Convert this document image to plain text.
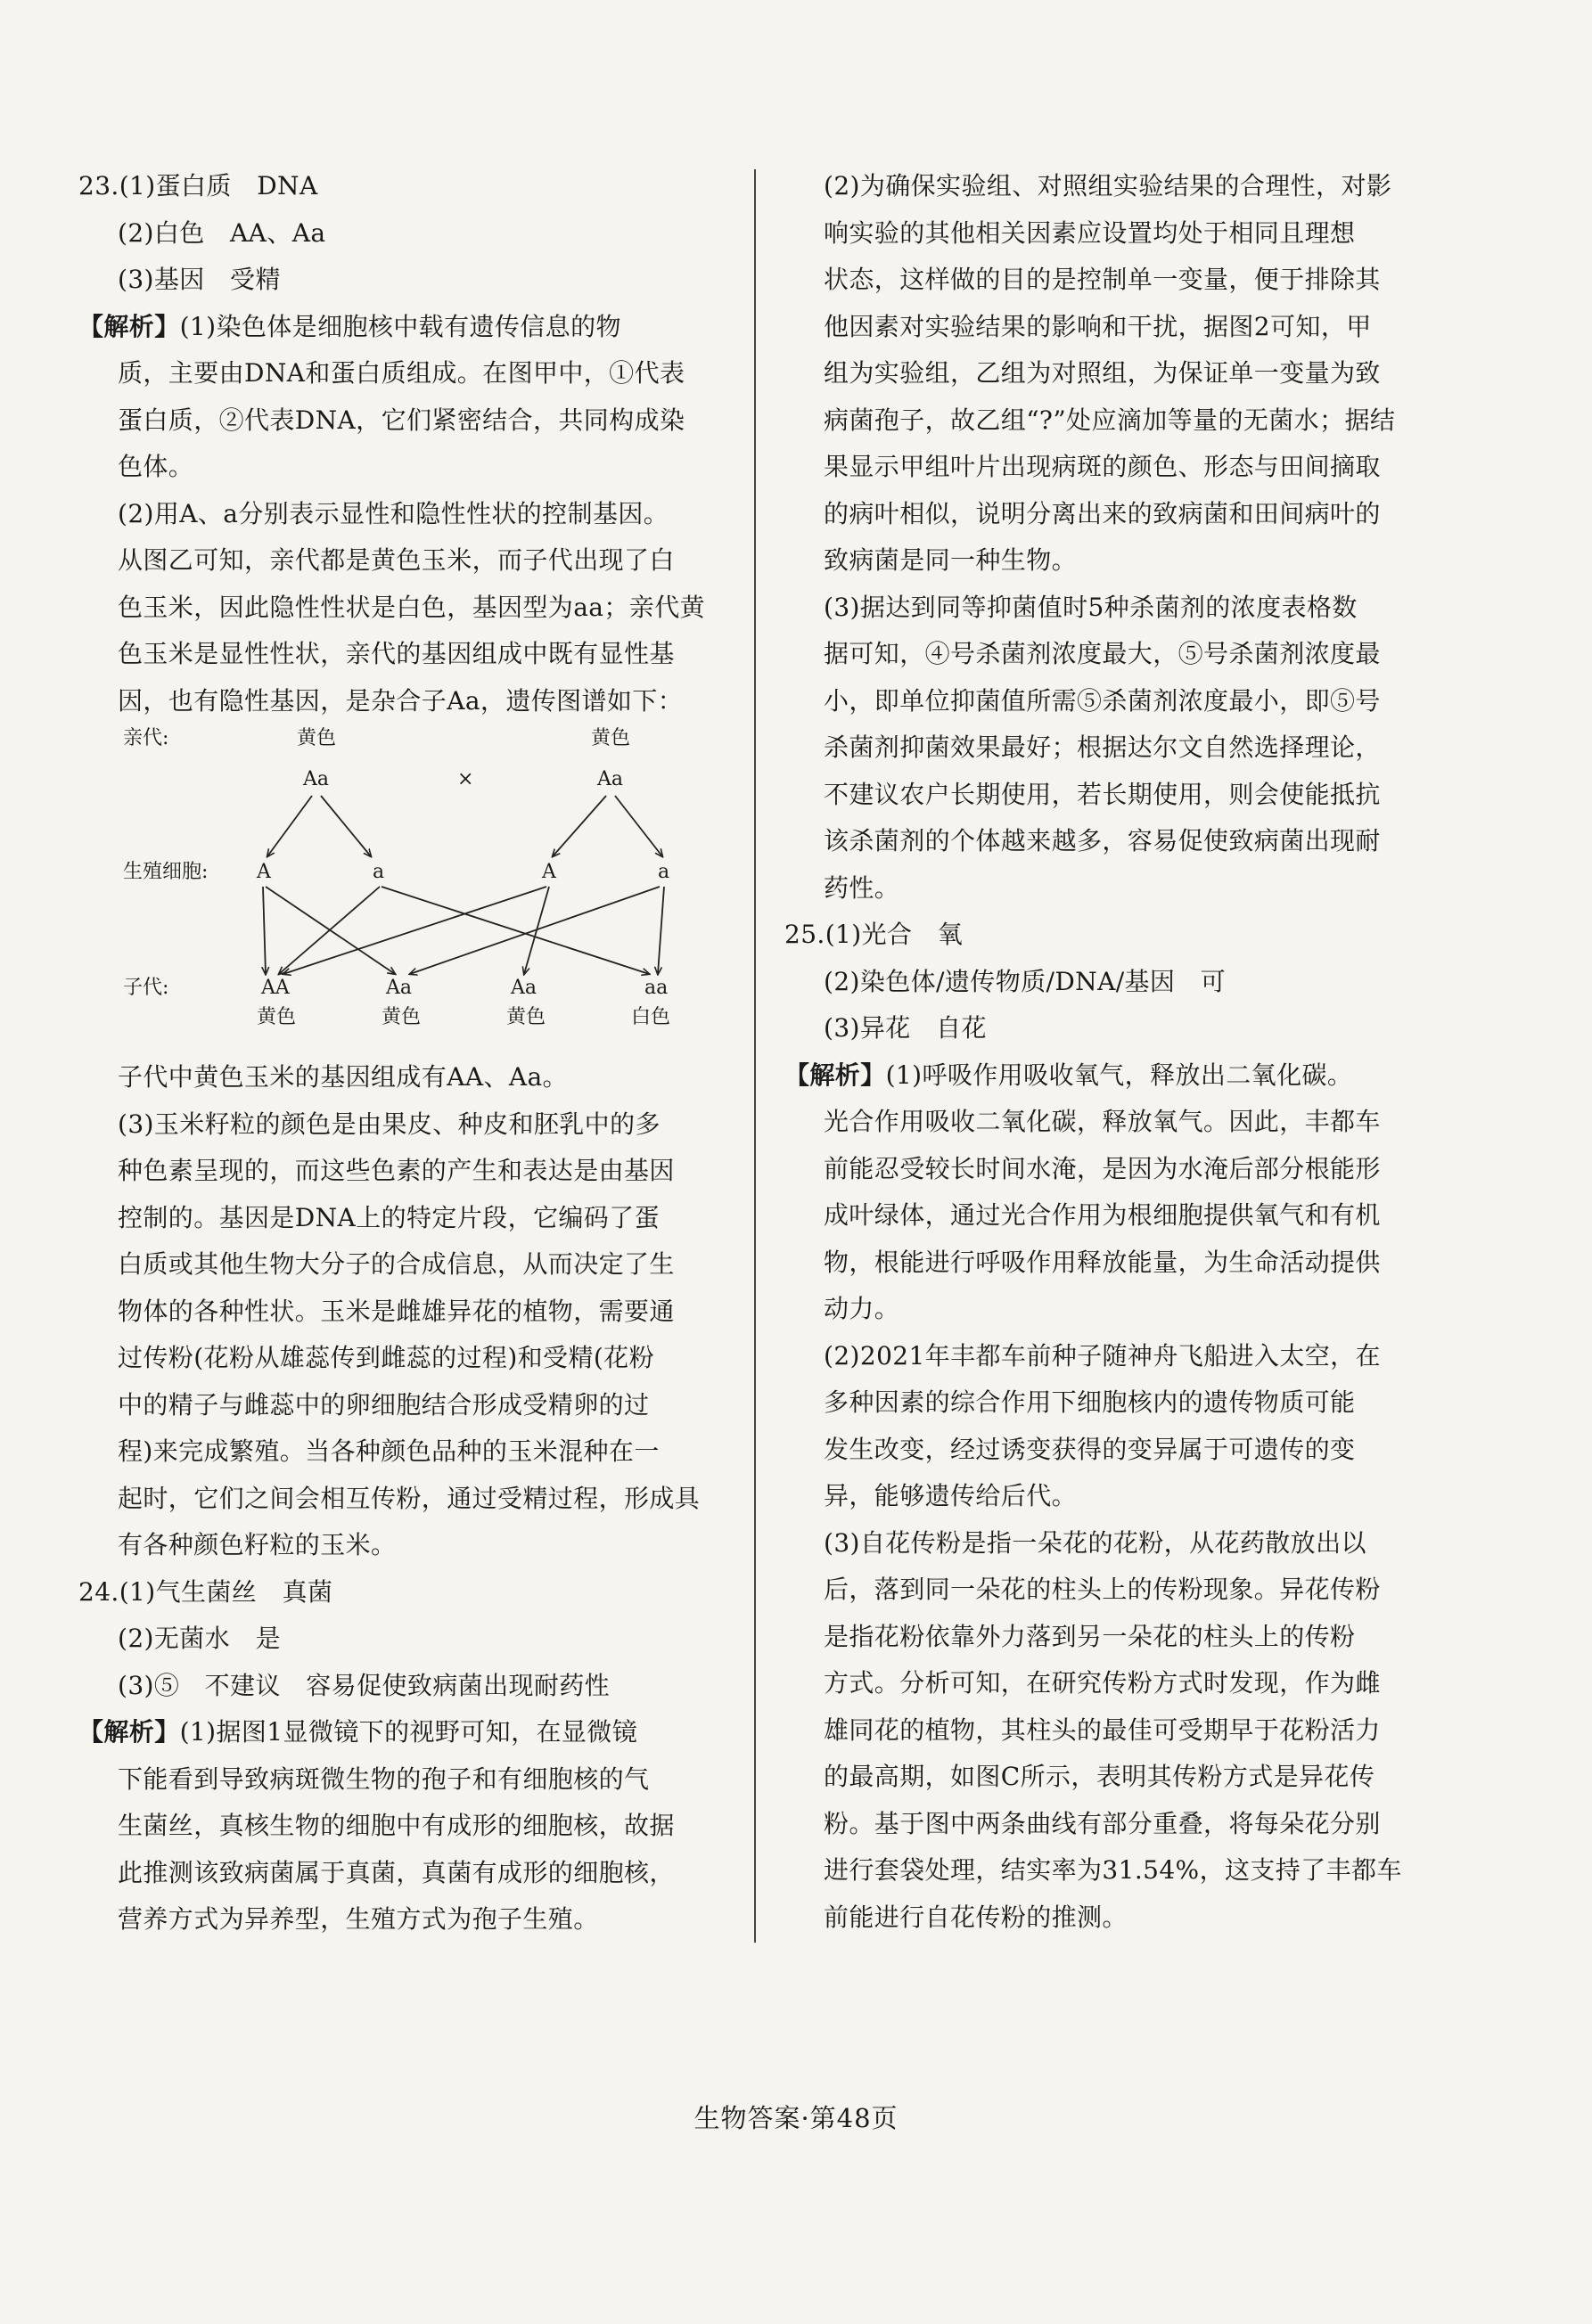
23.(1)蛋白质　DNA
(2)白色　AA、Aa
(3)基因　受精
【解析】(1)染色体是细胞核中载有遗传信息的物
质，主要由DNA和蛋白质组成。在图甲中，①代表
蛋白质，②代表DNA，它们紧密结合，共同构成染
色体。
(2)用A、a分别表示显性和隐性性状的控制基因。
从图乙可知，亲代都是黄色玉米，而子代出现了白
色玉米，因此隐性性状是白色，基因型为aa；亲代黄
色玉米是显性性状，亲代的基因组成中既有显性基
因，也有隐性基因，是杂合子Aa，遗传图谱如下：
亲代:	黄色	黄色
Aa	×	Aa
生殖细胞: A	a	A	a
子代:	AA	Aa	Aa	aa
黄色	黄色	黄色	白色
子代中黄色玉米的基因组成有AA、Aa。
(3)玉米籽粒的颜色是由果皮、种皮和胚乳中的多
种色素呈现的，而这些色素的产生和表达是由基因
控制的。基因是DNA上的特定片段，它编码了蛋
白质或其他生物大分子的合成信息，从而决定了生
物体的各种性状。玉米是雌雄异花的植物，需要通
过传粉(花粉从雄蕊传到雌蕊的过程)和受精(花粉
中的精子与雌蕊中的卵细胞结合形成受精卵的过
程)来完成繁殖。当各种颜色品种的玉米混种在一
起时，它们之间会相互传粉，通过受精过程，形成具
有各种颜色籽粒的玉米。
24.(1)气生菌丝　真菌
(2)无菌水　是
(3)⑤　不建议　容易促使致病菌出现耐药性
【解析】(1)据图1显微镜下的视野可知，在显微镜
下能看到导致病斑微生物的孢子和有细胞核的气
生菌丝，真核生物的细胞中有成形的细胞核，故据
此推测该致病菌属于真菌，真菌有成形的细胞核，
营养方式为异养型，生殖方式为孢子生殖。
(2)为确保实验组、对照组实验结果的合理性，对影
响实验的其他相关因素应设置均处于相同且理想
状态，这样做的目的是控制单一变量，便于排除其
他因素对实验结果的影响和干扰，据图2可知，甲
组为实验组，乙组为对照组，为保证单一变量为致
病菌孢子，故乙组“?”处应滴加等量的无菌水；据结
果显示甲组叶片出现病斑的颜色、形态与田间摘取
的病叶相似，说明分离出来的致病菌和田间病叶的
致病菌是同一种生物。
(3)据达到同等抑菌值时5种杀菌剂的浓度表格数
据可知，④号杀菌剂浓度最大，⑤号杀菌剂浓度最
小，即单位抑菌值所需⑤杀菌剂浓度最小，即⑤号
杀菌剂抑菌效果最好；根据达尔文自然选择理论，
不建议农户长期使用，若长期使用，则会使能抵抗
该杀菌剂的个体越来越多，容易促使致病菌出现耐
药性。
25.(1)光合　氧
(2)染色体/遗传物质/DNA/基因　可
(3)异花　自花
【解析】(1)呼吸作用吸收氧气，释放出二氧化碳。
光合作用吸收二氧化碳，释放氧气。因此，丰都车
前能忍受较长时间水淹，是因为水淹后部分根能形
成叶绿体，通过光合作用为根细胞提供氧气和有机
物，根能进行呼吸作用释放能量，为生命活动提供
动力。
(2)2021年丰都车前种子随神舟飞船进入太空，在
多种因素的综合作用下细胞核内的遗传物质可能
发生改变，经过诱变获得的变异属于可遗传的变
异，能够遗传给后代。
(3)自花传粉是指一朵花的花粉，从花药散放出以
后，落到同一朵花的柱头上的传粉现象。异花传粉
是指花粉依靠外力落到另一朵花的柱头上的传粉
方式。分析可知，在研究传粉方式时发现，作为雌
雄同花的植物，其柱头的最佳可受期早于花粉活力
的最高期，如图C所示，表明其传粉方式是异花传
粉。基于图中两条曲线有部分重叠，将每朵花分别
进行套袋处理，结实率为31.54%，这支持了丰都车
前能进行自花传粉的推测。
生物答案·第48页
